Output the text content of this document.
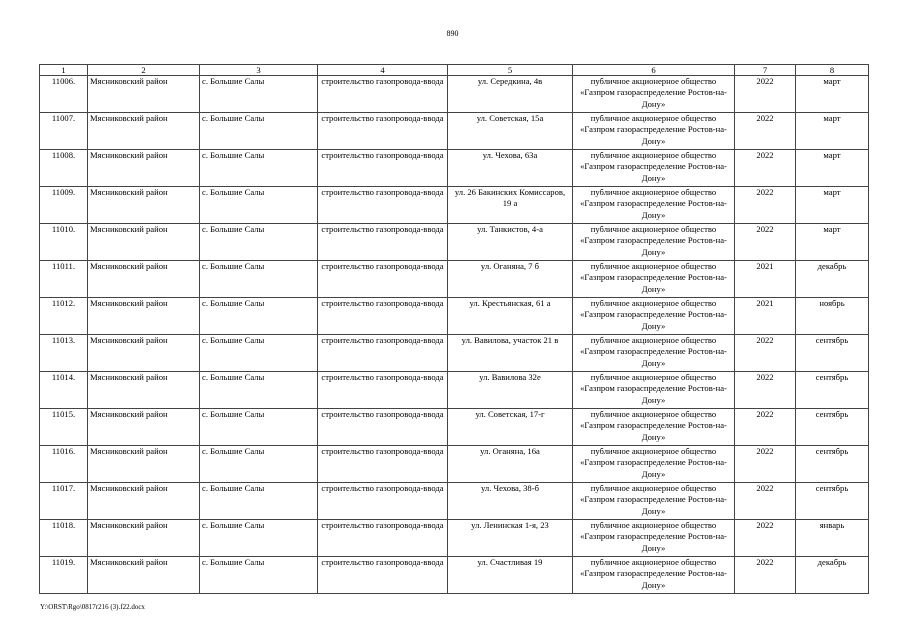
890
1	2	3	4	5	6	7	8
11006.	Мясниковский район	с. Большие Салы	строительство газопровода-ввода	ул. Середкина, 4в	публичное акционерное общество «Газпром газораспределение Ростов-на-Дону»	2022	март
11007.	Мясниковский район	с. Большие Салы	строительство газопровода-ввода	ул. Советская, 15а	публичное акционерное общество «Газпром газораспределение Ростов-на-Дону»	2022	март
11008.	Мясниковский район	с. Большие Салы	строительство газопровода-ввода	ул. Чехова, 63а	публичное акционерное общество «Газпром газораспределение Ростов-на-Дону»	2022	март
11009.	Мясниковский район	с. Большие Салы	строительство газопровода-ввода	ул. 26 Бакинских Комиссаров, 19 а	публичное акционерное общество «Газпром газораспределение Ростов-на-Дону»	2022	март
11010.	Мясниковский район	с. Большие Салы	строительство газопровода-ввода	ул. Танкистов, 4-а	публичное акционерное общество «Газпром газораспределение Ростов-на-Дону»	2022	март
11011.	Мясниковский район	с. Большие Салы	строительство газопровода-ввода	ул. Оганяна, 7 б	публичное акционерное общество «Газпром газораспределение Ростов-на-Дону»	2021	декабрь
11012.	Мясниковский район	с. Большие Салы	строительство газопровода-ввода	ул. Крестьянская, 61 а	публичное акционерное общество «Газпром газораспределение Ростов-на-Дону»	2021	ноябрь
11013.	Мясниковский район	с. Большие Салы	строительство газопровода-ввода	ул. Вавилова, участок 21 в	публичное акционерное общество «Газпром газораспределение Ростов-на-Дону»	2022	сентябрь
11014.	Мясниковский район	с. Большие Салы	строительство газопровода-ввода	ул. Вавилова 32е	публичное акционерное общество «Газпром газораспределение Ростов-на-Дону»	2022	сентябрь
11015.	Мясниковский район	с. Большие Салы	строительство газопровода-ввода	ул. Советская, 17-г	публичное акционерное общество «Газпром газораспределение Ростов-на-Дону»	2022	сентябрь
11016.	Мясниковский район	с. Большие Салы	строительство газопровода-ввода	ул. Оганяна, 16а	публичное акционерное общество «Газпром газораспределение Ростов-на-Дону»	2022	сентябрь
11017.	Мясниковский район	с. Большие Салы	строительство газопровода-ввода	ул. Чехова, 38-б	публичное акционерное общество «Газпром газораспределение Ростов-на-Дону»	2022	сентябрь
11018.	Мясниковский район	с. Большие Салы	строительство газопровода-ввода	ул. Ленинская 1-я, 23	публичное акционерное общество «Газпром газораспределение Ростов-на-Дону»	2022	январь
11019.	Мясниковский район	с. Большие Салы	строительство газопровода-ввода	ул. Счастливая 19	публичное акционерное общество «Газпром газораспределение Ростов-на-Дону»	2022	декабрь
Y:\ORST\Rgo\0817r216 (3).f22.docx
